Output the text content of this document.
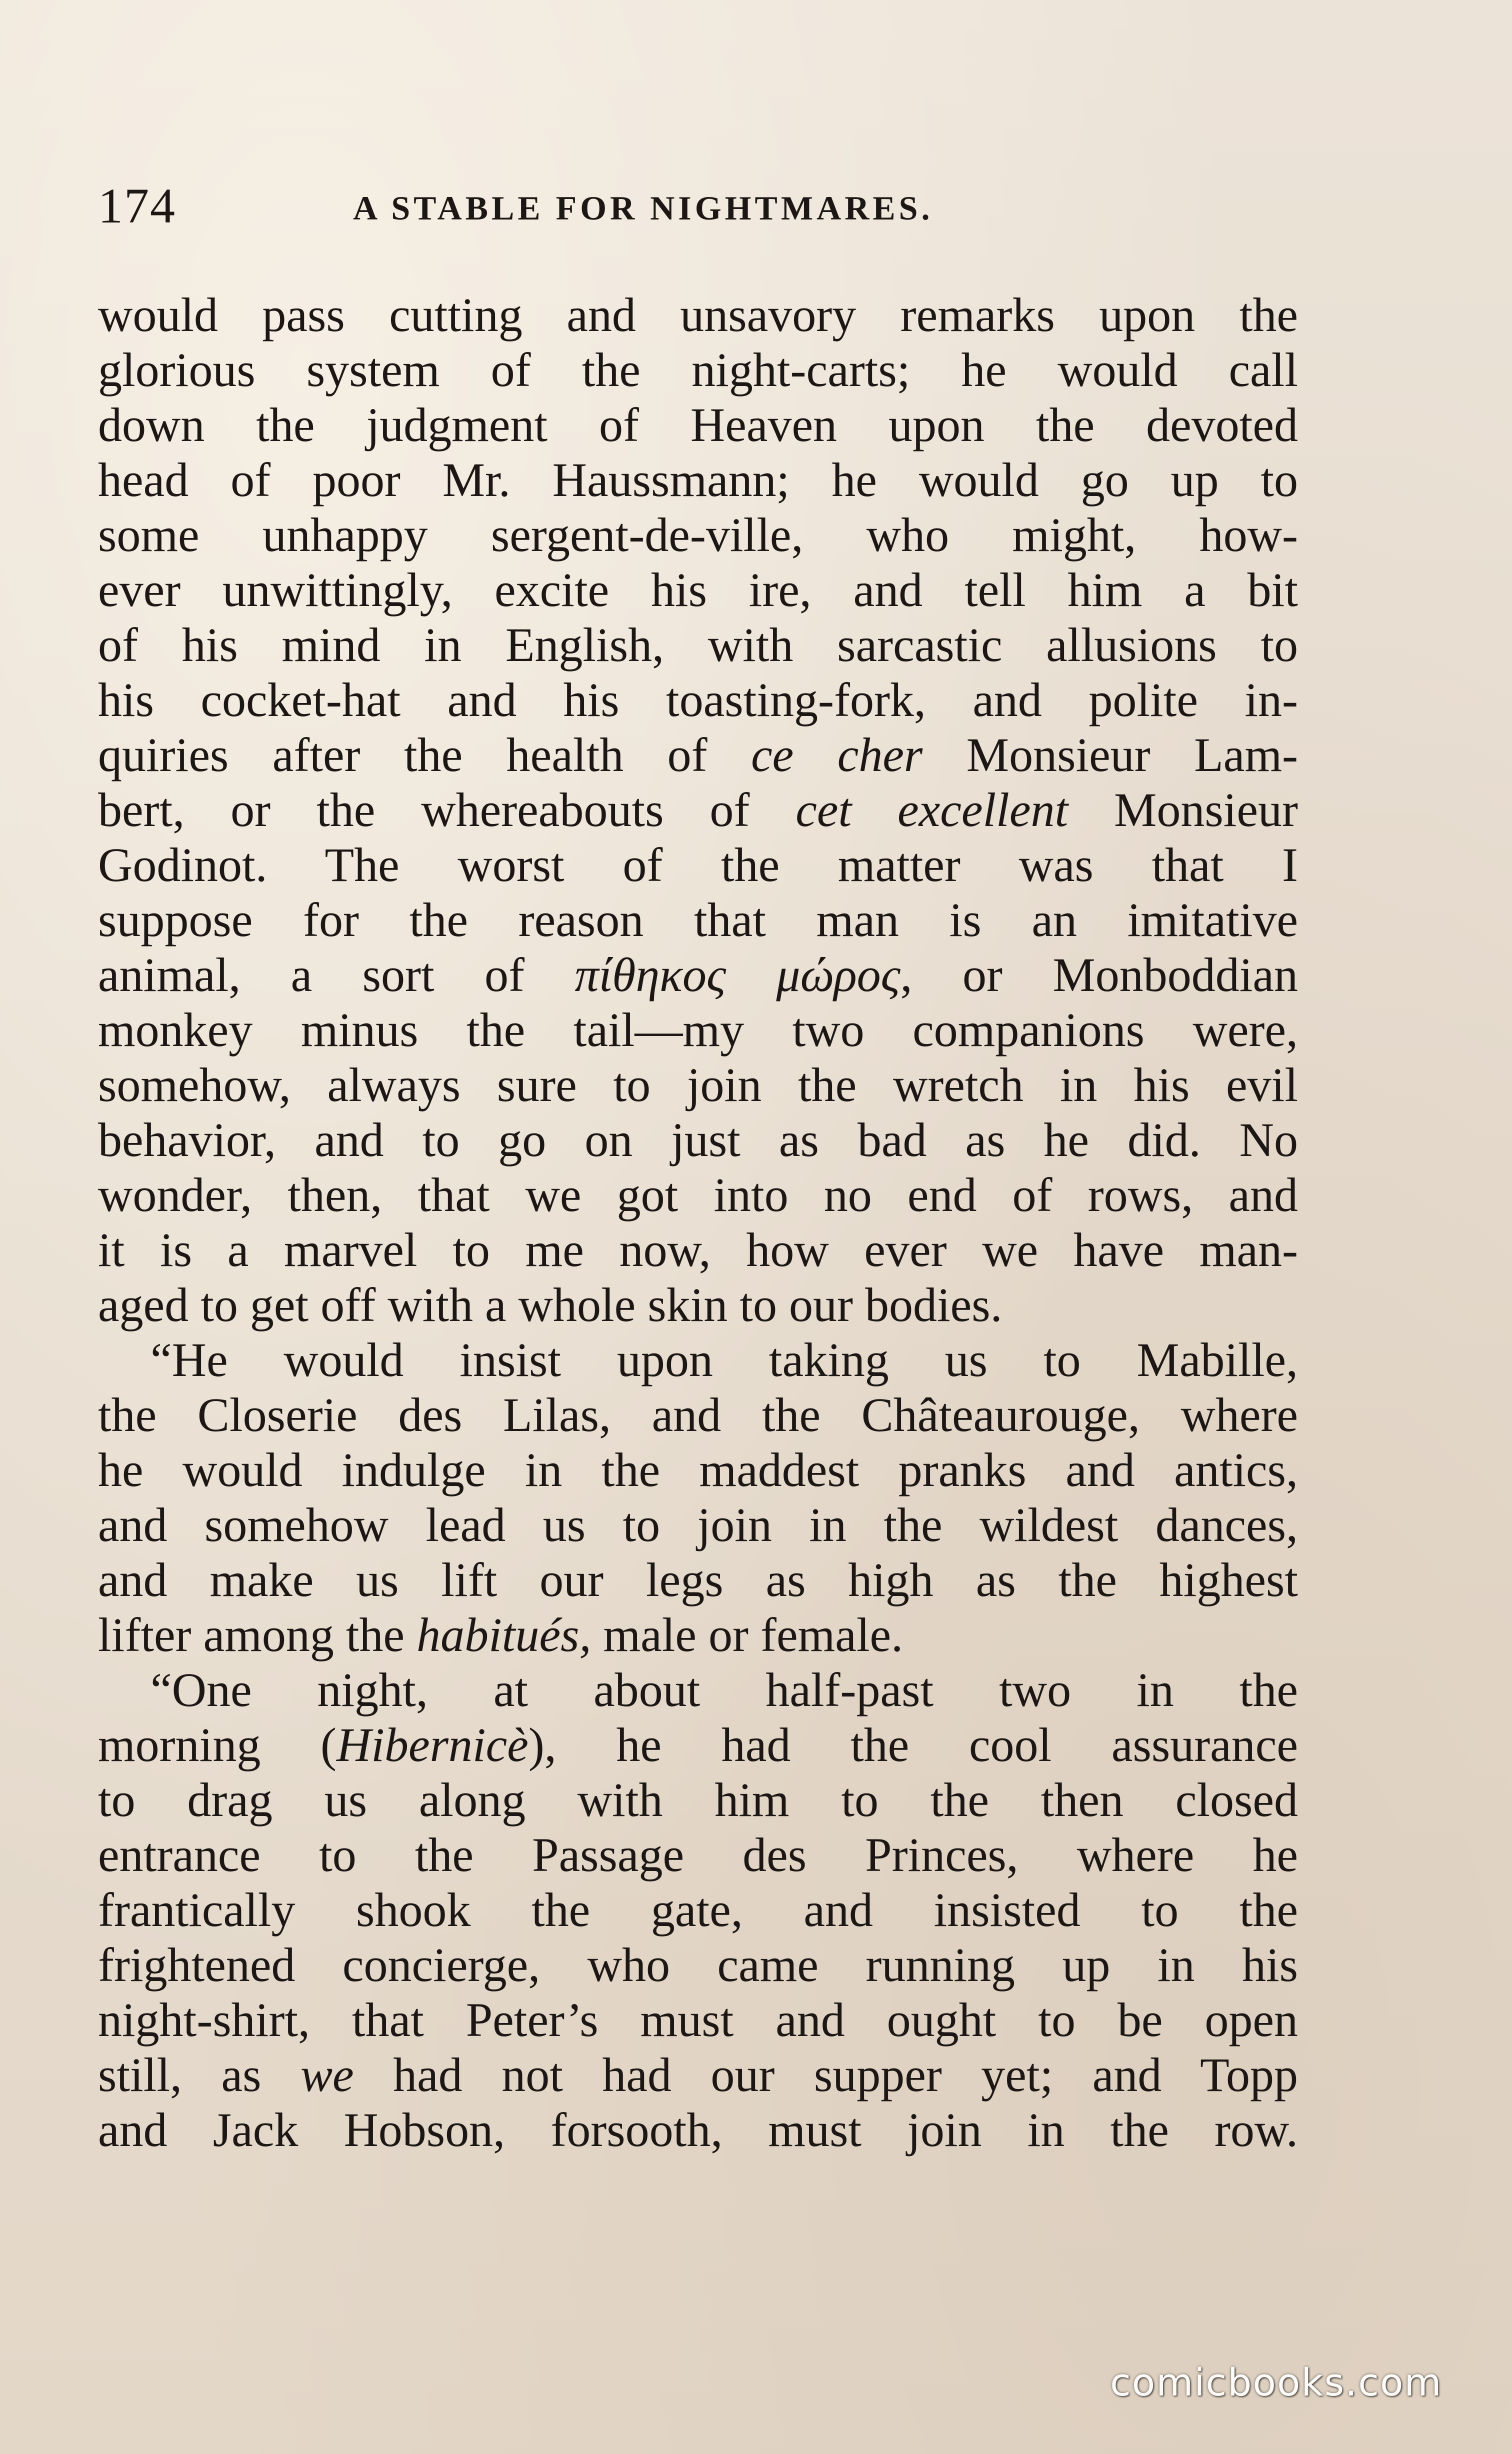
174	A STABLE FOR NIGHTMARES.
would pass cutting and unsavory remarks upon the
glorious system of the night-carts; he would call
down the judgment of Heaven upon the devoted
head of poor Mr. Haussmann; he would go up to
some unhappy sergent-de-ville, who might, how-
ever unwittingly, excite his ire, and tell him a bit
of his mind in English, with sarcastic allusions to
his cocket-hat and his toasting-fork, and polite in-
quiries after the health of ce cher Monsieur Lam-
bert, or the whereabouts of cet excellent Monsieur
Godinot. The worst of the matter was that I
suppose for the reason that man is an imitative
animal, a sort of πίθηκος μώρος, or Monboddian
monkey minus the tail—my two companions were,
somehow, always sure to join the wretch in his evil
behavior, and to go on just as bad as he did. No
wonder, then, that we got into no end of rows, and
it is a marvel to me now, how ever we have man-
aged to get off with a whole skin to our bodies.
“He would insist upon taking us to Mabille,
the Closerie des Lilas, and the Châteaurouge, where
he would indulge in the maddest pranks and antics,
and somehow lead us to join in the wildest dances,
and make us lift our legs as high as the highest
lifter among the habitués, male or female.
“One night, at about half-past two in the
morning (Hibernicè), he had the cool assurance
to drag us along with him to the then closed
entrance to the Passage des Princes, where he
frantically shook the gate, and insisted to the
frightened concierge, who came running up in his
night-shirt, that Peter’s must and ought to be open
still, as we had not had our supper yet; and Topp
and Jack Hobson, forsooth, must join in the row.
comicbooks.com
